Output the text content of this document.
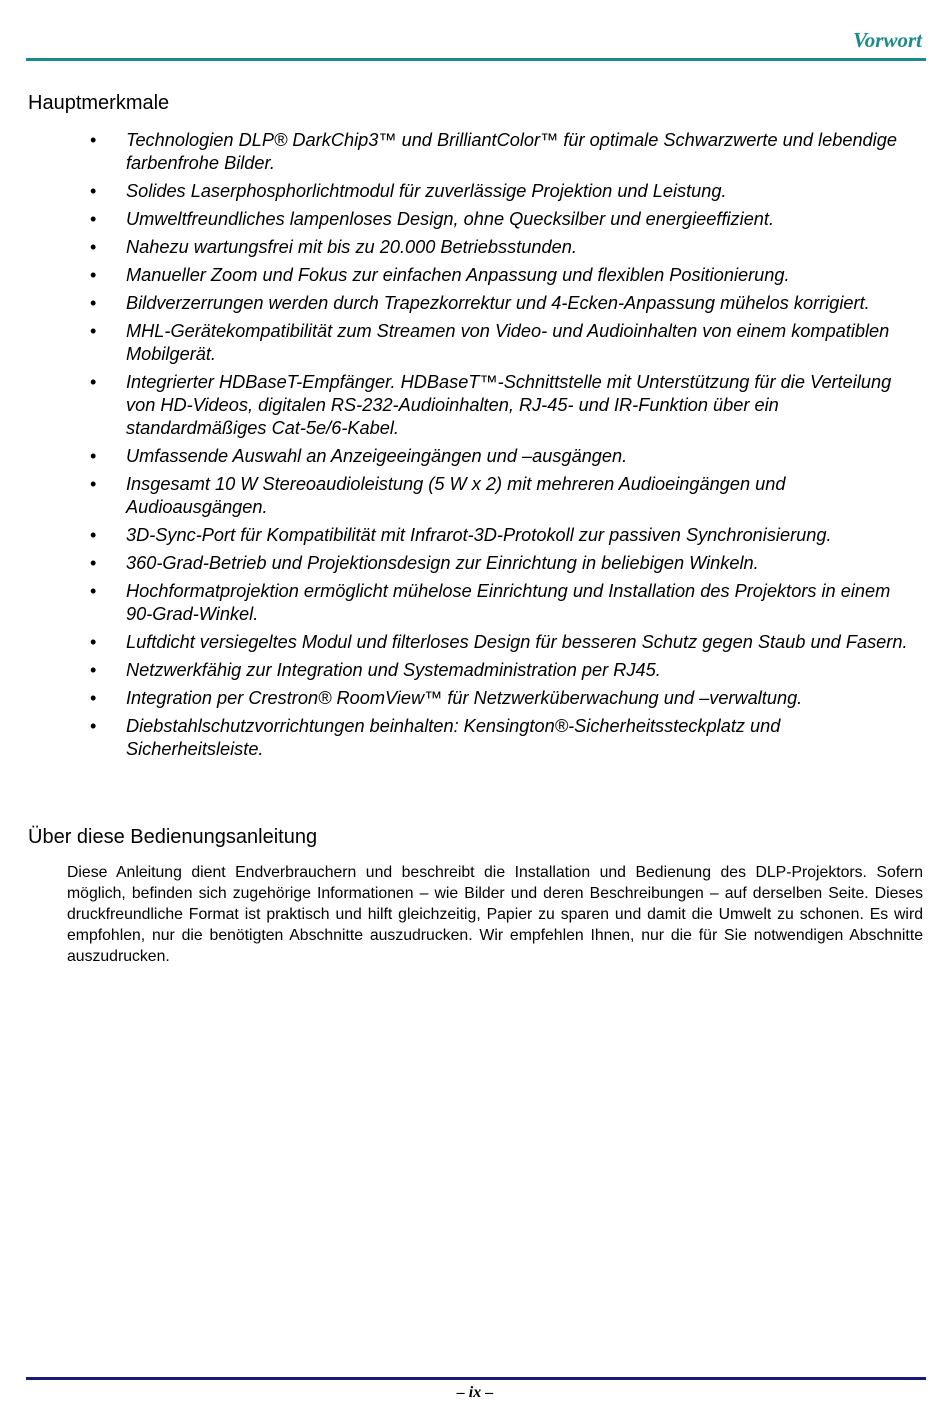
Vorwort
Hauptmerkmale
• Technologien DLP® DarkChip3™ und BrilliantColor™ für optimale Schwarzwerte und lebendige farbenfrohe Bilder.
• Solides Laserphosphorlichtmodul für zuverlässige Projektion und Leistung.
• Umweltfreundliches lampenloses Design, ohne Quecksilber und energieeffizient.
• Nahezu wartungsfrei mit bis zu 20.000 Betriebsstunden.
• Manueller Zoom und Fokus zur einfachen Anpassung und flexiblen Positionierung.
• Bildverzerrungen werden durch Trapezkorrektur und 4-Ecken-Anpassung mühelos korrigiert.
• MHL-Gerätekompatibilität zum Streamen von Video- und Audioinhalten von einem kompatiblen Mobilgerät.
• Integrierter HDBaseT-Empfänger. HDBaseT™-Schnittstelle mit Unterstützung für die Verteilung von HD-Videos, digitalen RS-232-Audioinhalten, RJ-45- und IR-Funktion über ein standardmäßiges Cat-5e/6-Kabel.
• Umfassende Auswahl an Anzeigeeingängen und –ausgängen.
• Insgesamt 10 W Stereoaudioleistung (5 W x 2) mit mehreren Audioeingängen und Audioausgängen.
• 3D-Sync-Port für Kompatibilität mit Infrarot-3D-Protokoll zur passiven Synchronisierung.
• 360-Grad-Betrieb und Projektionsdesign zur Einrichtung in beliebigen Winkeln.
• Hochformatprojektion ermöglicht mühelose Einrichtung und Installation des Projektors in einem 90-Grad-Winkel.
• Luftdicht versiegeltes Modul und filterloses Design für besseren Schutz gegen Staub und Fasern.
• Netzwerkfähig zur Integration und Systemadministration per RJ45.
• Integration per Crestron® RoomView™ für Netzwerküberwachung und –verwaltung.
• Diebstahlschutzvorrichtungen beinhalten: Kensington®-Sicherheitssteckplatz und Sicherheitsleiste.
Über diese Bedienungsanleitung

Diese Anleitung dient Endverbrauchern und beschreibt die Installation und Bedienung des DLP-Projektors. Sofern möglich, befinden sich zugehörige Informationen – wie Bilder und deren Beschreibungen – auf derselben Seite. Dieses druckfreundliche Format ist praktisch und hilft gleichzeitig, Papier zu sparen und damit die Umwelt zu schonen. Es wird empfohlen, nur die benötigten Abschnitte auszudrucken. Wir empfehlen Ihnen, nur die für Sie notwendigen Abschnitte auszudrucken.

– ix –
